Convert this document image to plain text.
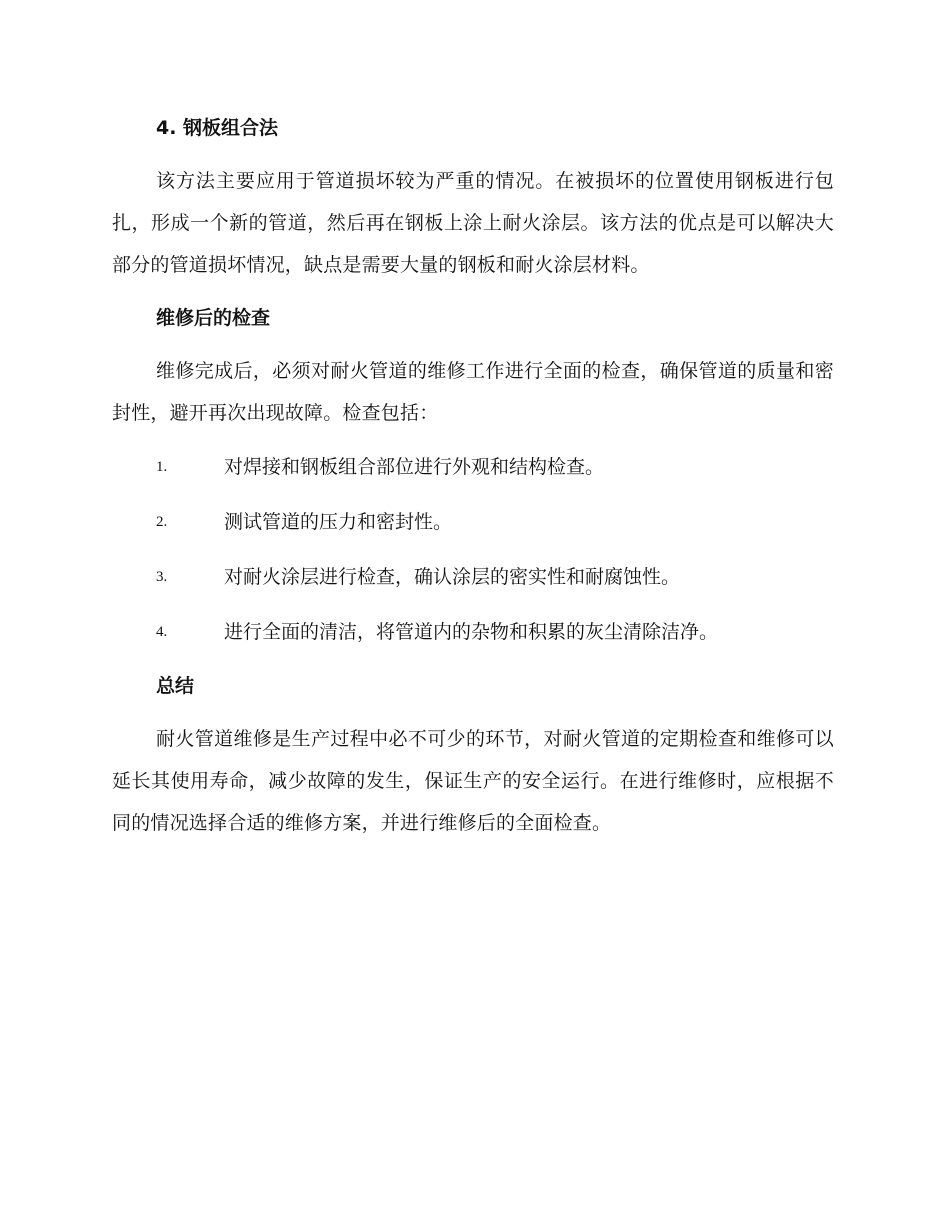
4. 钢板组合法

该方法主要应用于管道损坏较为严重的情况。在被损坏的位置使用钢板进行包扎，形成一个新的管道，然后再在钢板上涂上耐火涂层。该方法的优点是可以解决大部分的管道损坏情况，缺点是需要大量的钢板和耐火涂层材料。

维修后的检查

维修完成后，必须对耐火管道的维修工作进行全面的检查，确保管道的质量和密封性，避开再次出现故障。检查包括：

1.	对焊接和钢板组合部位进行外观和结构检查。
2.	测试管道的压力和密封性。
3.	对耐火涂层进行检查，确认涂层的密实性和耐腐蚀性。
4.	进行全面的清洁，将管道内的杂物和积累的灰尘清除洁净。
总结

耐火管道维修是生产过程中必不可少的环节，对耐火管道的定期检查和维修可以延长其使用寿命，减少故障的发生，保证生产的安全运行。在进行维修时，应根据不同的情况选择合适的维修方案，并进行维修后的全面检查。
